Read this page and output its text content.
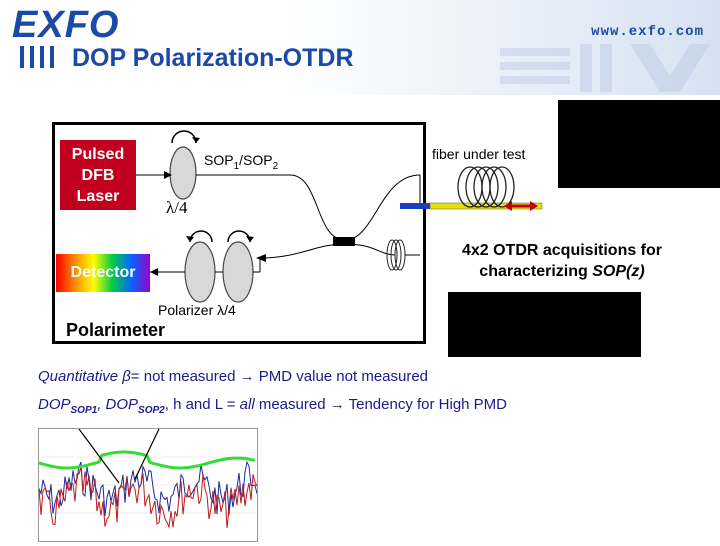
EXFO	www.exfo.com
DOP Polarization-OTDR
Pulsed
DFB
Laser
$SOP_1/SOP_2$
λ/4
fiber under test
Detector
Polarizer λ/4
Polarimeter
4x2 OTDR acquisitions for
characterizing SOP(z)
Quantitative β= not measured → PMD value not measured
$DOP_{SOP1}$, $DOP_{SOP2}$, h and L = all measured → Tendency for High PMD
